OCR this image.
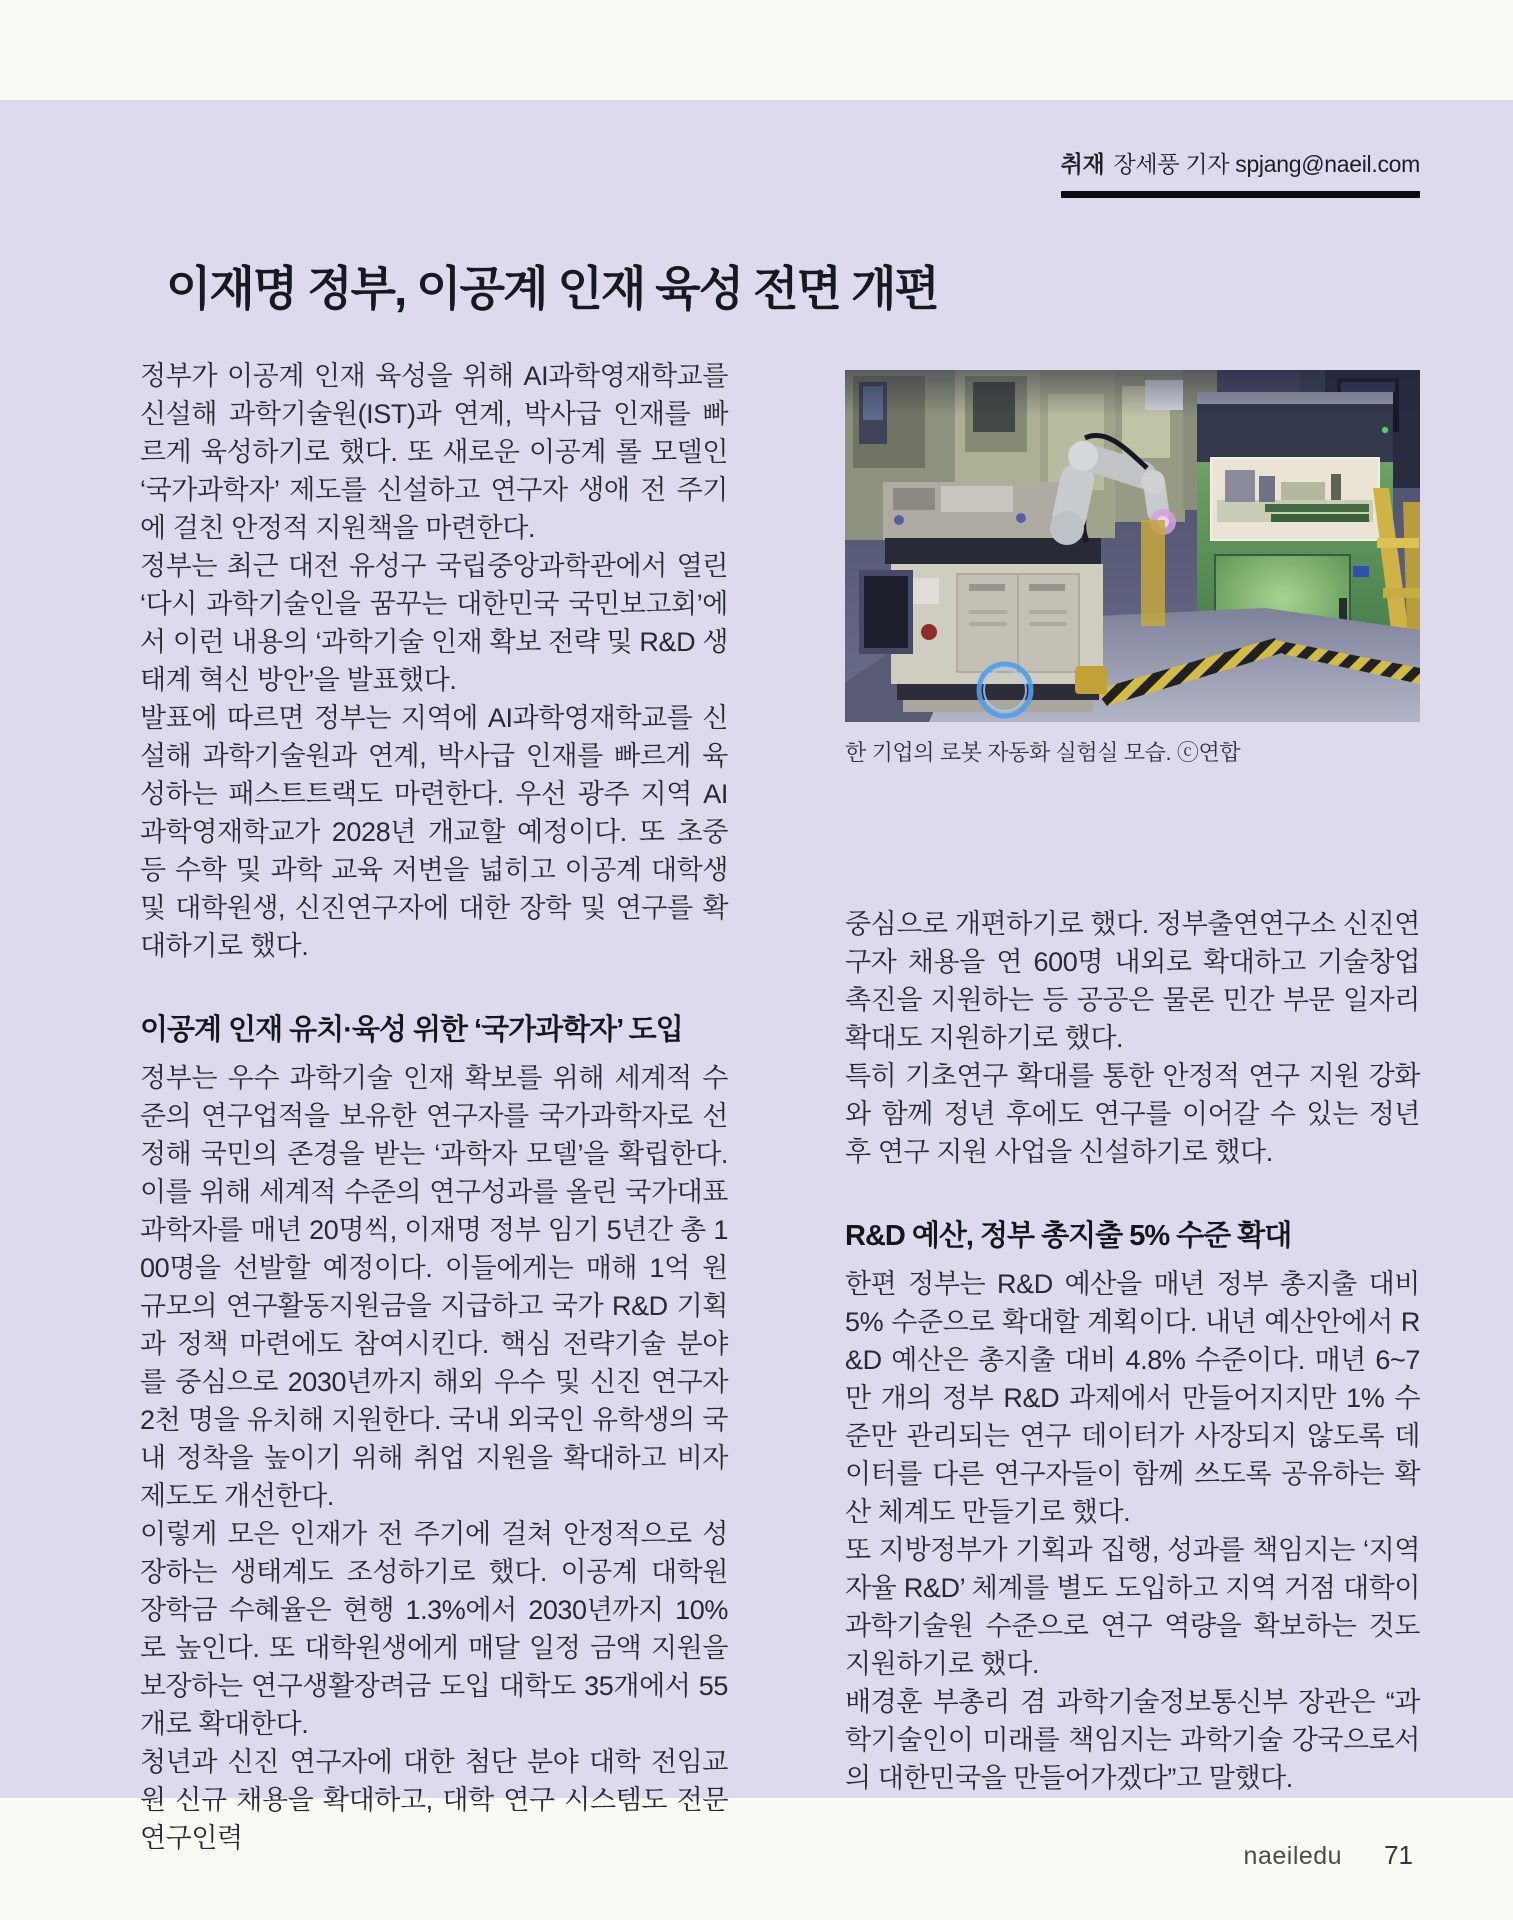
취재 장세풍 기자 spjang@naeil.com
이재명 정부, 이공계 인재 육성 전면 개편
한 기업의 로봇 자동화 실험실 모습. ⓒ연합

정부가 이공계 인재 육성을 위해 AI과학영재학교를 신설해 과학기술원(IST)과 연계, 박사급 인재를 빠르게 육성하기로 했다. 또 새로운 이공계 롤 모델인 ‘국가과학자’ 제도를 신설하고 연구자 생애 전 주기에 걸친 안정적 지원책을 마련한다.

정부는 최근 대전 유성구 국립중앙과학관에서 열린 ‘다시 과학기술인을 꿈꾸는 대한민국 국민보고회’에서 이런 내용의 ‘과학기술 인재 확보 전략 및 R&D 생태계 혁신 방안’을 발표했다.

발표에 따르면 정부는 지역에 AI과학영재학교를 신설해 과학기술원과 연계, 박사급 인재를 빠르게 육성하는 패스트트랙도 마련한다. 우선 광주 지역 AI과학영재학교가 2028년 개교할 예정이다. 또 초중등 수학 및 과학 교육 저변을 넓히고 이공계 대학생 및 대학원생, 신진연구자에 대한 장학 및 연구를 확대하기로 했다.

이공계 인재 유치·육성 위한 ‘국가과학자’ 도입

정부는 우수 과학기술 인재 확보를 위해 세계적 수준의 연구업적을 보유한 연구자를 국가과학자로 선정해 국민의 존경을 받는 ‘과학자 모델’을 확립한다. 이를 위해 세계적 수준의 연구성과를 올린 국가대표 과학자를 매년 20명씩, 이재명 정부 임기 5년간 총 100명을 선발할 예정이다. 이들에게는 매해 1억 원 규모의 연구활동지원금을 지급하고 국가 R&D 기획과 정책 마련에도 참여시킨다. 핵심 전략기술 분야를 중심으로 2030년까지 해외 우수 및 신진 연구자 2천 명을 유치해 지원한다. 국내 외국인 유학생의 국내 정착을 높이기 위해 취업 지원을 확대하고 비자 제도도 개선한다.

이렇게 모은 인재가 전 주기에 걸쳐 안정적으로 성장하는 생태계도 조성하기로 했다. 이공계 대학원 장학금 수혜율은 현행 1.3%에서 2030년까지 10%로 높인다. 또 대학원생에게 매달 일정 금액 지원을 보장하는 연구생활장려금 도입 대학도 35개에서 55개로 확대한다.

청년과 신진 연구자에 대한 첨단 분야 대학 전임교원 신규 채용을 확대하고, 대학 연구 시스템도 전문 연구인력

중심으로 개편하기로 했다. 정부출연연구소 신진연구자 채용을 연 600명 내외로 확대하고 기술창업 촉진을 지원하는 등 공공은 물론 민간 부문 일자리 확대도 지원하기로 했다.

특히 기초연구 확대를 통한 안정적 연구 지원 강화와 함께 정년 후에도 연구를 이어갈 수 있는 정년 후 연구 지원 사업을 신설하기로 했다.

R&D 예산, 정부 총지출 5% 수준 확대

한편 정부는 R&D 예산을 매년 정부 총지출 대비 5% 수준으로 확대할 계획이다. 내년 예산안에서 R&D 예산은 총지출 대비 4.8% 수준이다. 매년 6~7만 개의 정부 R&D 과제에서 만들어지지만 1% 수준만 관리되는 연구 데이터가 사장되지 않도록 데이터를 다른 연구자들이 함께 쓰도록 공유하는 확산 체계도 만들기로 했다.

또 지방정부가 기획과 집행, 성과를 책임지는 ‘지역 자율 R&D’ 체계를 별도 도입하고 지역 거점 대학이 과학기술원 수준으로 연구 역량을 확보하는 것도 지원하기로 했다.

배경훈 부총리 겸 과학기술정보통신부 장관은 “과학기술인이 미래를 책임지는 과학기술 강국으로서의 대한민국을 만들어가겠다”고 말했다.

naeiledu 71
